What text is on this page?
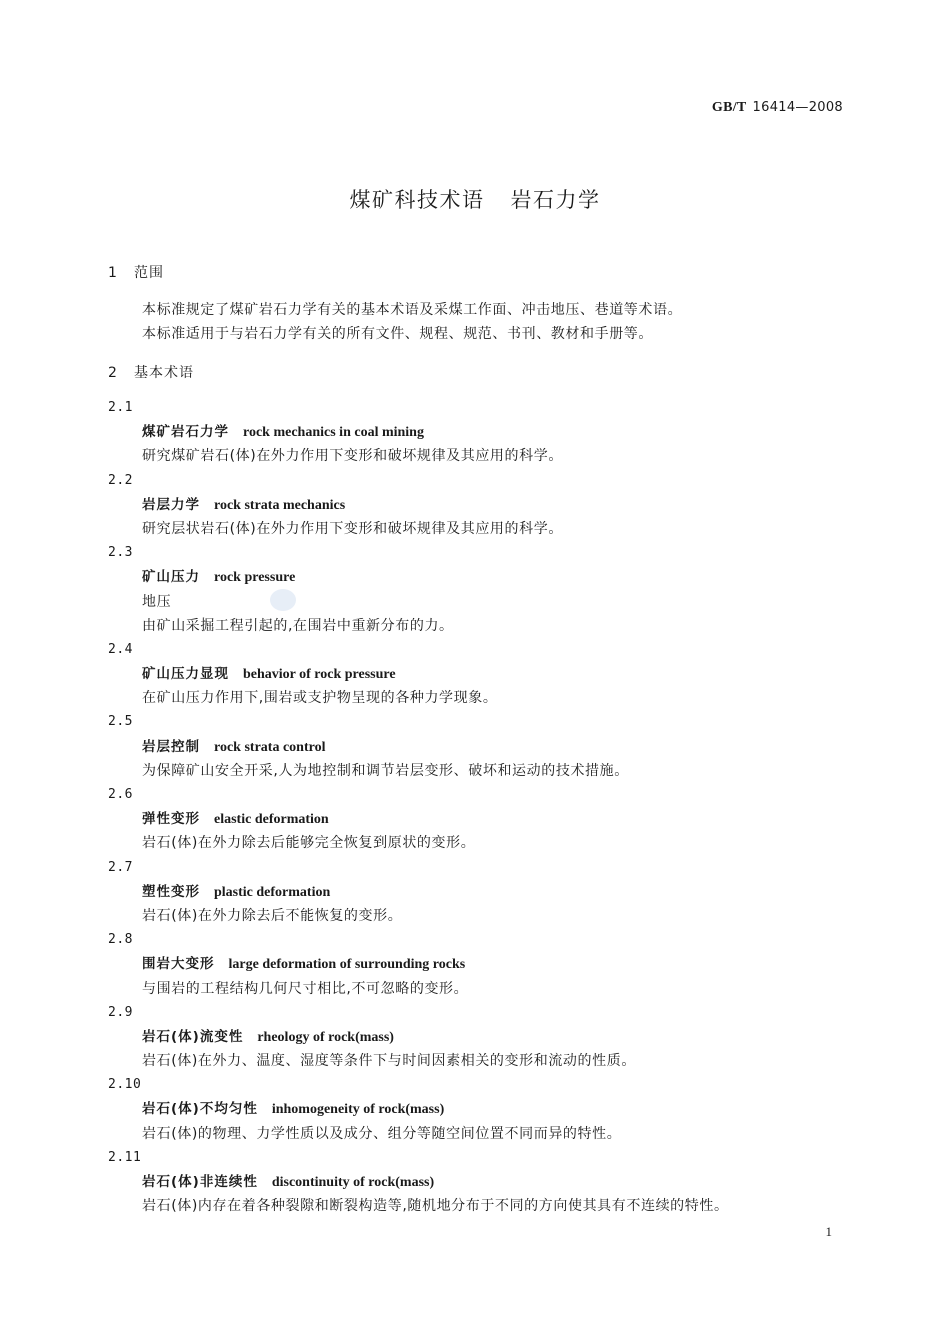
GB/T 16414—2008
煤矿科技术语 岩石力学
1 范围
本标准规定了煤矿岩石力学有关的基本术语及采煤工作面、冲击地压、巷道等术语。
本标准适用于与岩石力学有关的所有文件、规程、规范、书刊、教材和手册等。
2 基本术语
2.1
煤矿岩石力学 rock mechanics in coal mining
研究煤矿岩石(体)在外力作用下变形和破坏规律及其应用的科学。
2.2
岩层力学 rock strata mechanics
研究层状岩石(体)在外力作用下变形和破坏规律及其应用的科学。
2.3
矿山压力 rock pressure
地压
由矿山采掘工程引起的,在围岩中重新分布的力。
2.4
矿山压力显现 behavior of rock pressure
在矿山压力作用下,围岩或支护物呈现的各种力学现象。
2.5
岩层控制 rock strata control
为保障矿山安全开采,人为地控制和调节岩层变形、破坏和运动的技术措施。
2.6
弹性变形 elastic deformation
岩石(体)在外力除去后能够完全恢复到原状的变形。
2.7
塑性变形 plastic deformation
岩石(体)在外力除去后不能恢复的变形。
2.8
围岩大变形 large deformation of surrounding rocks
与围岩的工程结构几何尺寸相比,不可忽略的变形。
2.9
岩石(体)流变性 rheology of rock(mass)
岩石(体)在外力、温度、湿度等条件下与时间因素相关的变形和流动的性质。
2.10
岩石(体)不均匀性 inhomogeneity of rock(mass)
岩石(体)的物理、力学性质以及成分、组分等随空间位置不同而异的特性。
2.11
岩石(体)非连续性 discontinuity of rock(mass)
岩石(体)内存在着各种裂隙和断裂构造等,随机地分布于不同的方向使其具有不连续的特性。
1
